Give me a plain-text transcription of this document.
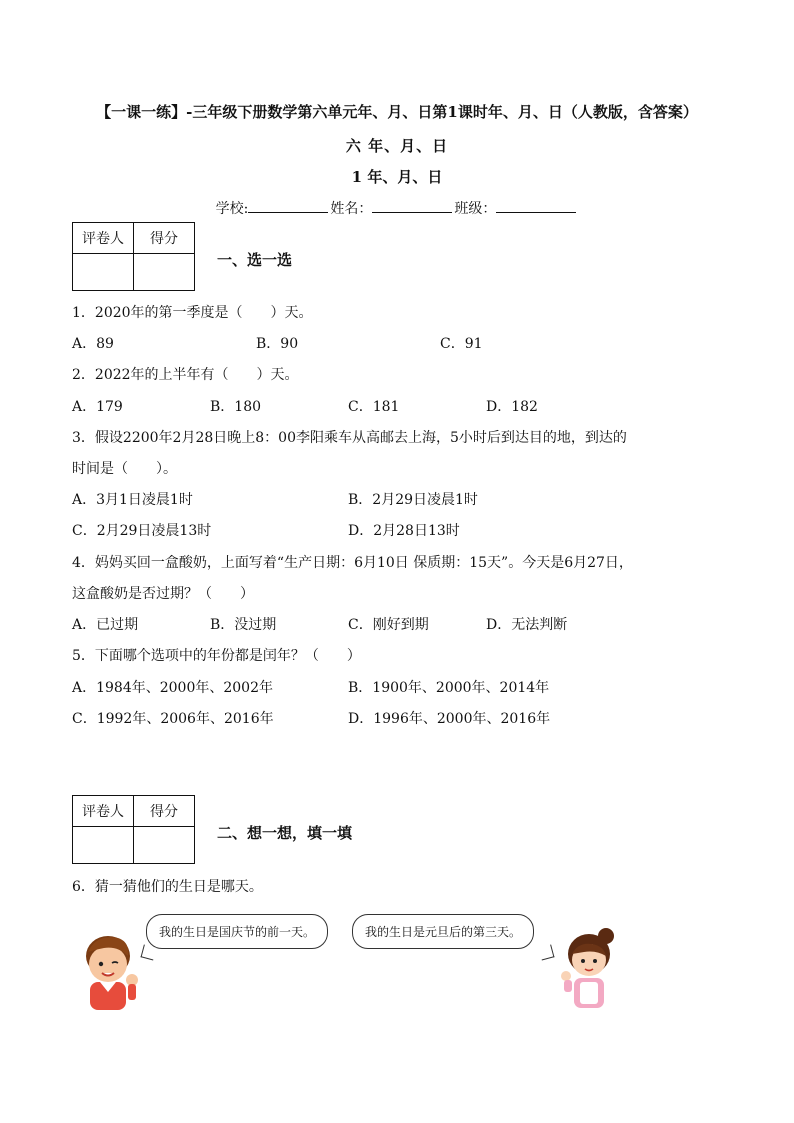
【一课一练】-三年级下册数学第六单元年、月、日第1课时年、月、日（人教版，含答案）
六 年、月、日
1 年、月、日
学校:	姓名：	班级：
评卷人	得分

一、选一选
1．2020年的第一季度是（　　）天。
A．89	B．90	C．91
2．2022年的上半年有（　　）天。
A．179	B．180	C．181	D．182
3．假设2200年2月28日晚上8：00李阳乘车从高邮去上海，5小时后到达目的地，到达的
时间是（　　）。
A．3月1日凌晨1时	B．2月29日凌晨1时
C．2月29日凌晨13时	D．2月28日13时
4．妈妈买回一盒酸奶，上面写着“生产日期：6月10日 保质期：15天”。今天是6月27日，
这盒酸奶是否过期？（　　）
A．已过期	B．没过期	C．刚好到期	D．无法判断
5．下面哪个选项中的年份都是闰年？（　　）
A．1984年、2000年、2002年	B．1900年、2000年、2014年
C．1992年、2006年、2016年	D．1996年、2000年、2016年
评卷人	得分

二、想一想，填一填
6．猜一猜他们的生日是哪天。
我的生日是国庆节的前一天。	我的生日是元旦后的第三天。
